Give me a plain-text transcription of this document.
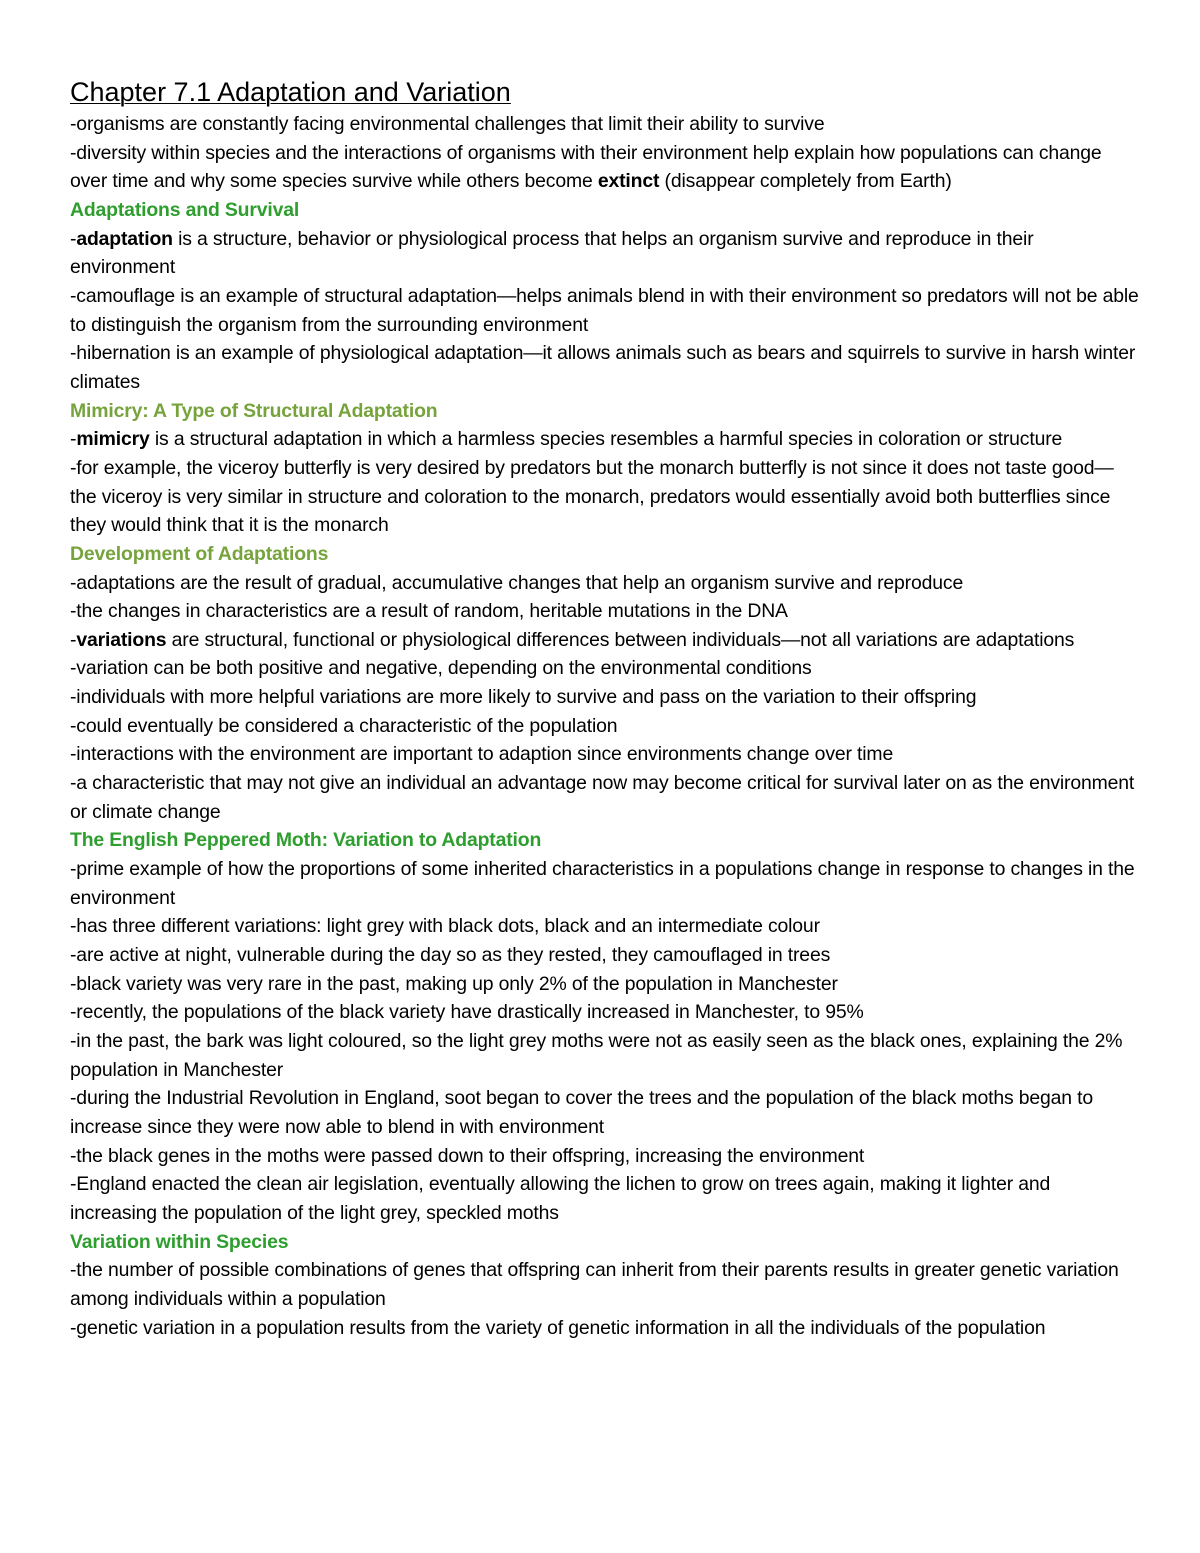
Chapter 7.1 Adaptation and Variation

-organisms are constantly facing environmental challenges that limit their ability to survive

-diversity within species and the interactions of organisms with their environment help explain how populations can change over time and why some species survive while others become extinct (disappear completely from Earth)

Adaptations and Survival

-adaptation is a structure, behavior or physiological process that helps an organism survive and reproduce in their environment

-camouflage is an example of structural adaptation—helps animals blend in with their environment so predators will not be able to distinguish the organism from the surrounding environment

-hibernation is an example of physiological adaptation—it allows animals such as bears and squirrels to survive in harsh winter climates

Mimicry: A Type of Structural Adaptation

-mimicry is a structural adaptation in which a harmless species resembles a harmful species in coloration or structure

-for example, the viceroy butterfly is very desired by predators but the monarch butterfly is not since it does not taste good—the viceroy is very similar in structure and coloration to the monarch, predators would essentially avoid both butterflies since they would think that it is the monarch

Development of Adaptations

-adaptations are the result of gradual, accumulative changes that help an organism survive and reproduce

-the changes in characteristics are a result of random, heritable mutations in the DNA

-variations are structural, functional or physiological differences between individuals—not all variations are adaptations

-variation can be both positive and negative, depending on the environmental conditions

-individuals with more helpful variations are more likely to survive and pass on the variation to their offspring

-could eventually be considered a characteristic of the population

-interactions with the environment are important to adaption since environments change over time

-a characteristic that may not give an individual an advantage now may become critical for survival later on as the environment or climate change

The English Peppered Moth: Variation to Adaptation

-prime example of how the proportions of some inherited characteristics in a populations change in response to changes in the environment

-has three different variations: light grey with black dots, black and an intermediate colour

-are active at night, vulnerable during the day so as they rested, they camouflaged in trees

-black variety was very rare in the past, making up only 2% of the population in Manchester

-recently, the populations of the black variety have drastically increased in Manchester, to 95%

-in the past, the bark was light coloured, so the light grey moths were not as easily seen as the black ones, explaining the 2% population in Manchester

-during the Industrial Revolution in England, soot began to cover the trees and the population of the black moths began to increase since they were now able to blend in with environment

-the black genes in the moths were passed down to their offspring, increasing the environment

-England enacted the clean air legislation, eventually allowing the lichen to grow on trees again, making it lighter and increasing the population of the light grey, speckled moths

Variation within Species

-the number of possible combinations of genes that offspring can inherit from their parents results in greater genetic variation among individuals within a population

-genetic variation in a population results from the variety of genetic information in all the individuals of the population
